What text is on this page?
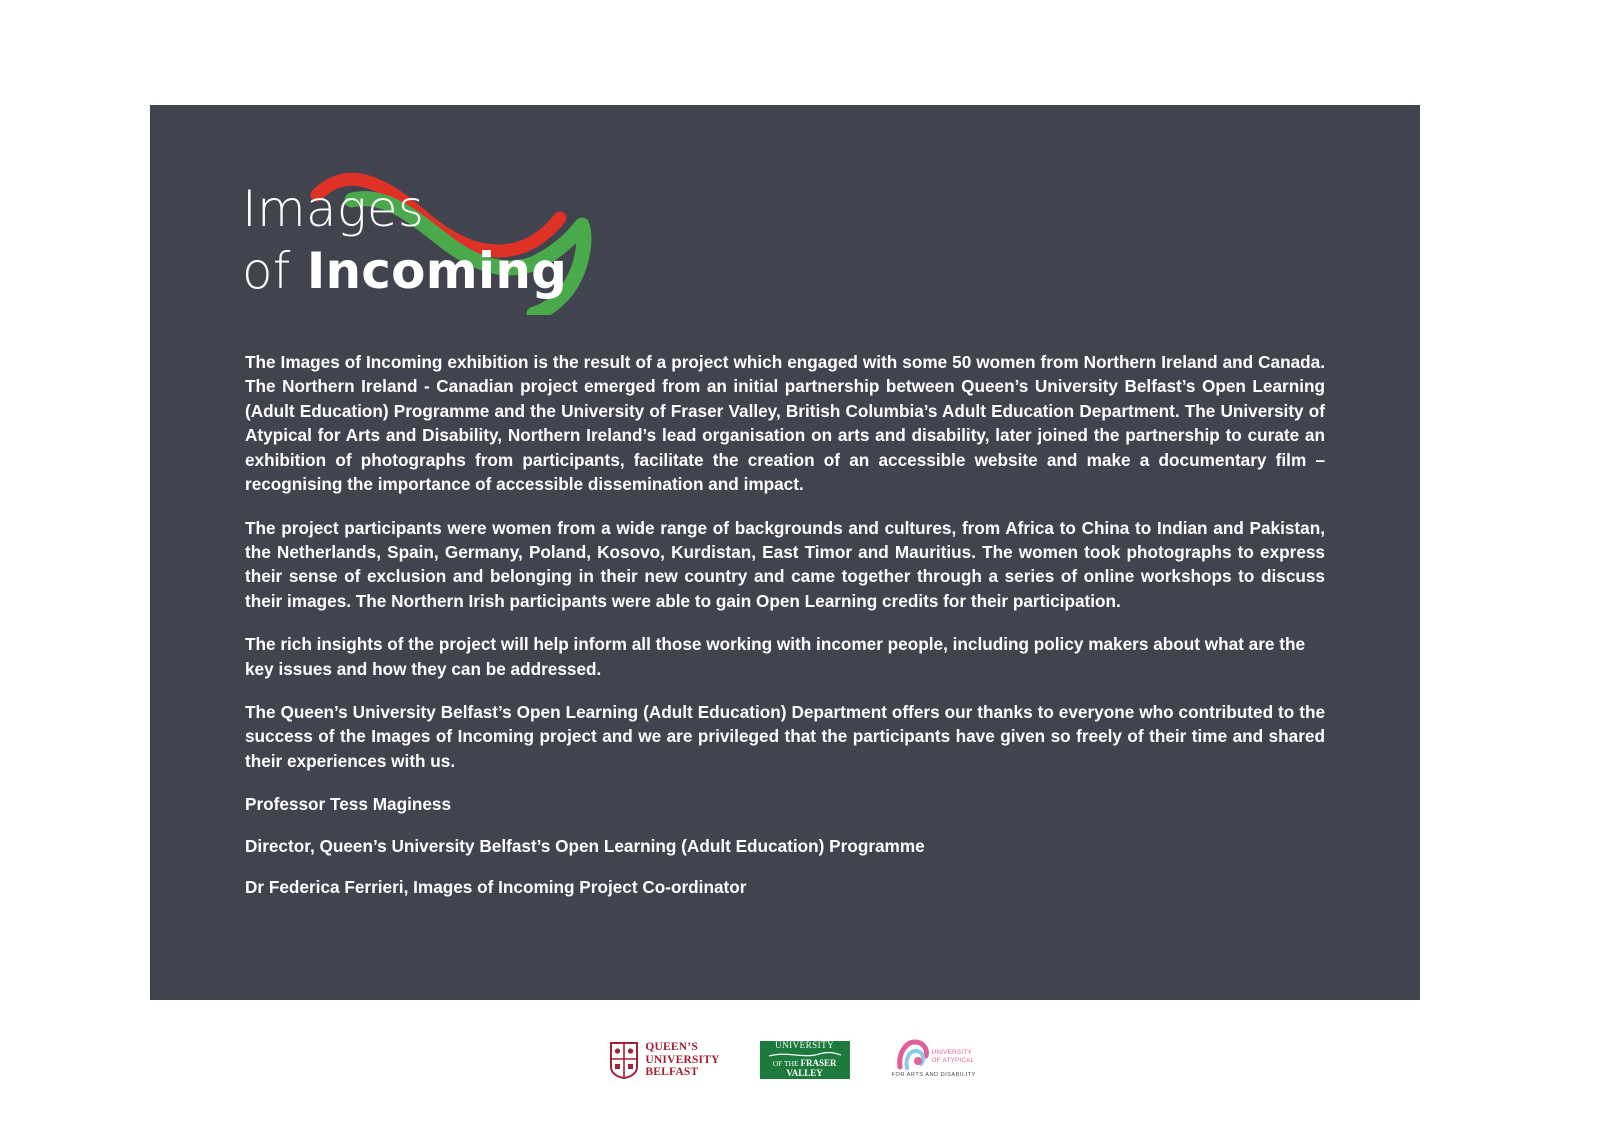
Images
of Incoming

The Images of Incoming exhibition is the result of a project which engaged with some 50 women from Northern Ireland and Canada. The Northern Ireland - Canadian project emerged from an initial partnership between Queen’s University Belfast’s Open Learning (Adult Education) Programme and the University of Fraser Valley, British Columbia’s Adult Education Department. The University of Atypical for Arts and Disability, Northern Ireland’s lead organisation on arts and disability, later joined the partnership to curate an exhibition of photographs from participants, facilitate the creation of an accessible website and make a documentary film – recognising the importance of accessible dissemination and impact.

The project participants were women from a wide range of backgrounds and cultures, from Africa to China to Indian and Pakistan, the Netherlands, Spain, Germany, Poland, Kosovo, Kurdistan, East Timor and Mauritius. The women took photographs to express their sense of exclusion and belonging in their new country and came together through a series of online workshops to discuss their images. The Northern Irish participants were able to gain Open Learning credits for their participation.

The rich insights of the project will help inform all those working with incomer people, including policy makers about what are the key issues and how they can be addressed.

The Queen’s University Belfast’s Open Learning (Adult Education) Department offers our thanks to everyone who contributed to the success of the Images of Incoming project and we are privileged that the participants have given so freely of their time and shared their experiences with us.

Professor Tess Maginess

Director, Queen’s University Belfast’s Open Learning (Adult Education) Programme

Dr Federica Ferrieri, Images of Incoming Project Co-ordinator

QUEEN’S
UNIVERSITY
BELFAST
UNIVERSITY
OF THE FRASER VALLEY
UNIVERSITY
OF ATYPICAL
FOR ARTS AND DISABILITY
